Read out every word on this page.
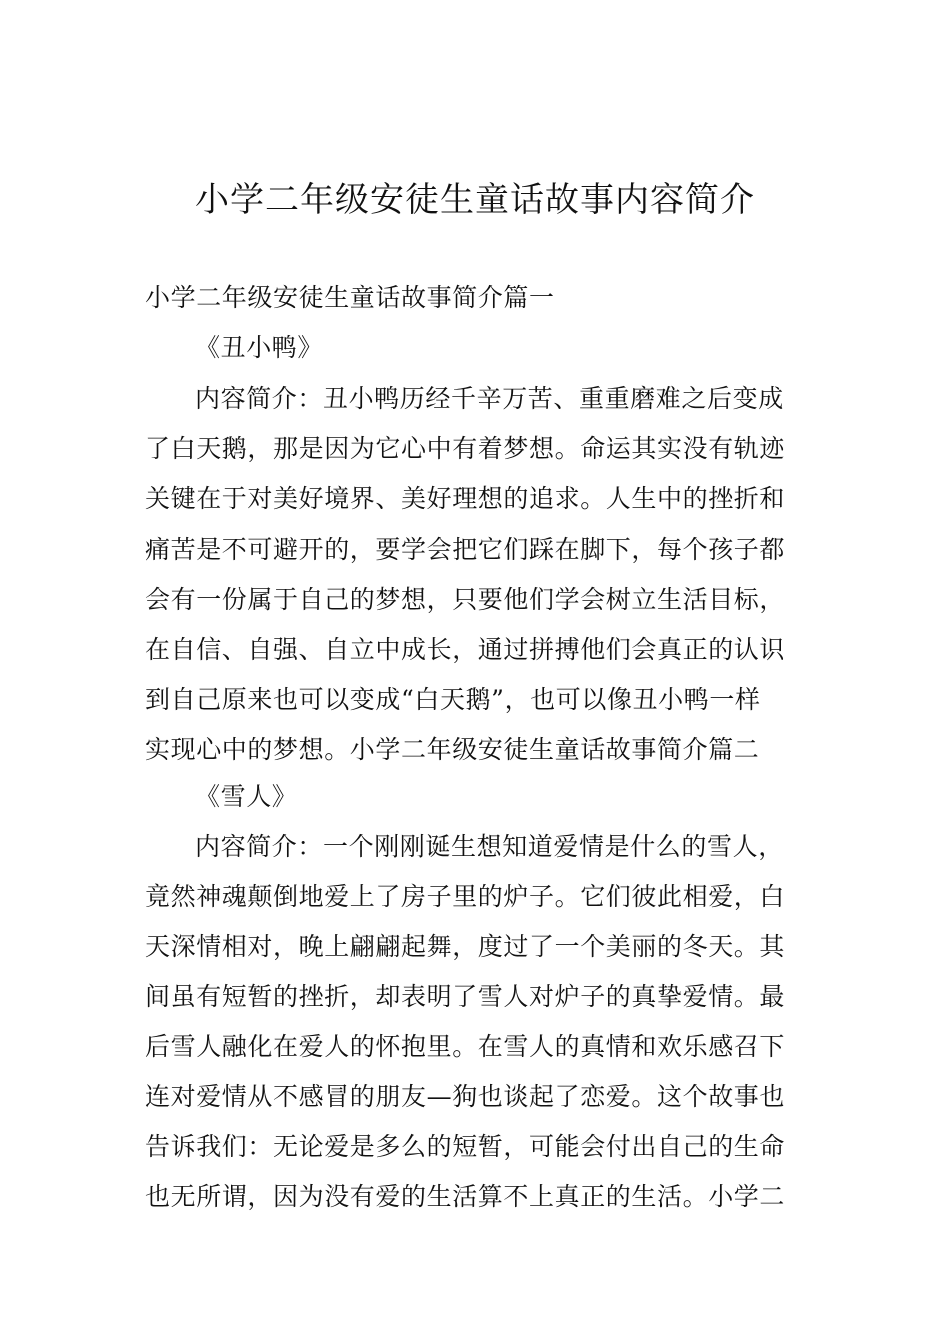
小学二年级安徒生童话故事内容简介
小学二年级安徒生童话故事简介篇一
《丑小鸭》
内容简介：丑小鸭历经千辛万苦、重重磨难之后变成
了白天鹅，那是因为它心中有着梦想。命运其实没有轨迹
关键在于对美好境界、美好理想的追求。人生中的挫折和
痛苦是不可避开的，要学会把它们踩在脚下，每个孩子都
会有一份属于自己的梦想，只要他们学会树立生活目标，
在自信、自强、自立中成长，通过拼搏他们会真正的认识
到自己原来也可以变成“白天鹅”，也可以像丑小鸭一样
实现心中的梦想。小学二年级安徒生童话故事简介篇二
《雪人》
内容简介：一个刚刚诞生想知道爱情是什么的雪人，
竟然神魂颠倒地爱上了房子里的炉子。它们彼此相爱，白
天深情相对，晚上翩翩起舞，度过了一个美丽的冬天。其
间虽有短暂的挫折，却表明了雪人对炉子的真挚爱情。最
后雪人融化在爱人的怀抱里。在雪人的真情和欢乐感召下
连对爱情从不感冒的朋友—狗也谈起了恋爱。这个故事也
告诉我们：无论爱是多么的短暂，可能会付出自己的生命
也无所谓，因为没有爱的生活算不上真正的生活。小学二
